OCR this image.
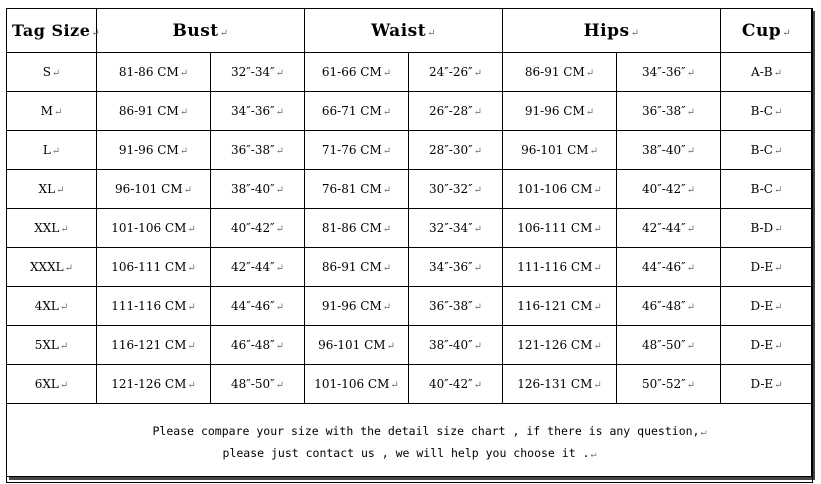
Tag Size↵	Bust↵		Waist↵		Hips↵		Cup↵
S↵	81-86 CM↵	32″-34″↵	61-66 CM↵	24″-26″↵	86-91 CM↵	34″-36″↵	A-B↵
M↵	86-91 CM↵	34″-36″↵	66-71 CM↵	26″-28″↵	91-96 CM↵	36″-38″↵	B-C↵
L↵	91-96 CM↵	36″-38″↵	71-76 CM↵	28″-30″↵	96-101 CM↵	38″-40″↵	B-C↵
XL↵	96-101 CM↵	38″-40″↵	76-81 CM↵	30″-32″↵	101-106 CM↵	40″-42″↵	B-C↵
XXL↵	101-106 CM↵	40″-42″↵	81-86 CM↵	32″-34″↵	106-111 CM↵	42″-44″↵	B-D↵
XXXL↵	106-111 CM↵	42″-44″↵	86-91 CM↵	34″-36″↵	111-116 CM↵	44″-46″↵	D-E↵
4XL↵	111-116 CM↵	44″-46″↵	91-96 CM↵	36″-38″↵	116-121 CM↵	46″-48″↵	D-E↵
5XL↵	116-121 CM↵	46″-48″↵	96-101 CM↵	38″-40″↵	121-126 CM↵	48″-50″↵	D-E↵
6XL↵	121-126 CM↵	48″-50″↵	101-106 CM↵	40″-42″↵	126-131 CM↵	50″-52″↵	D-E↵

Please compare your size with the detail size chart , if there is any question,↵
please just contact us , we will help you choose it .↵							
